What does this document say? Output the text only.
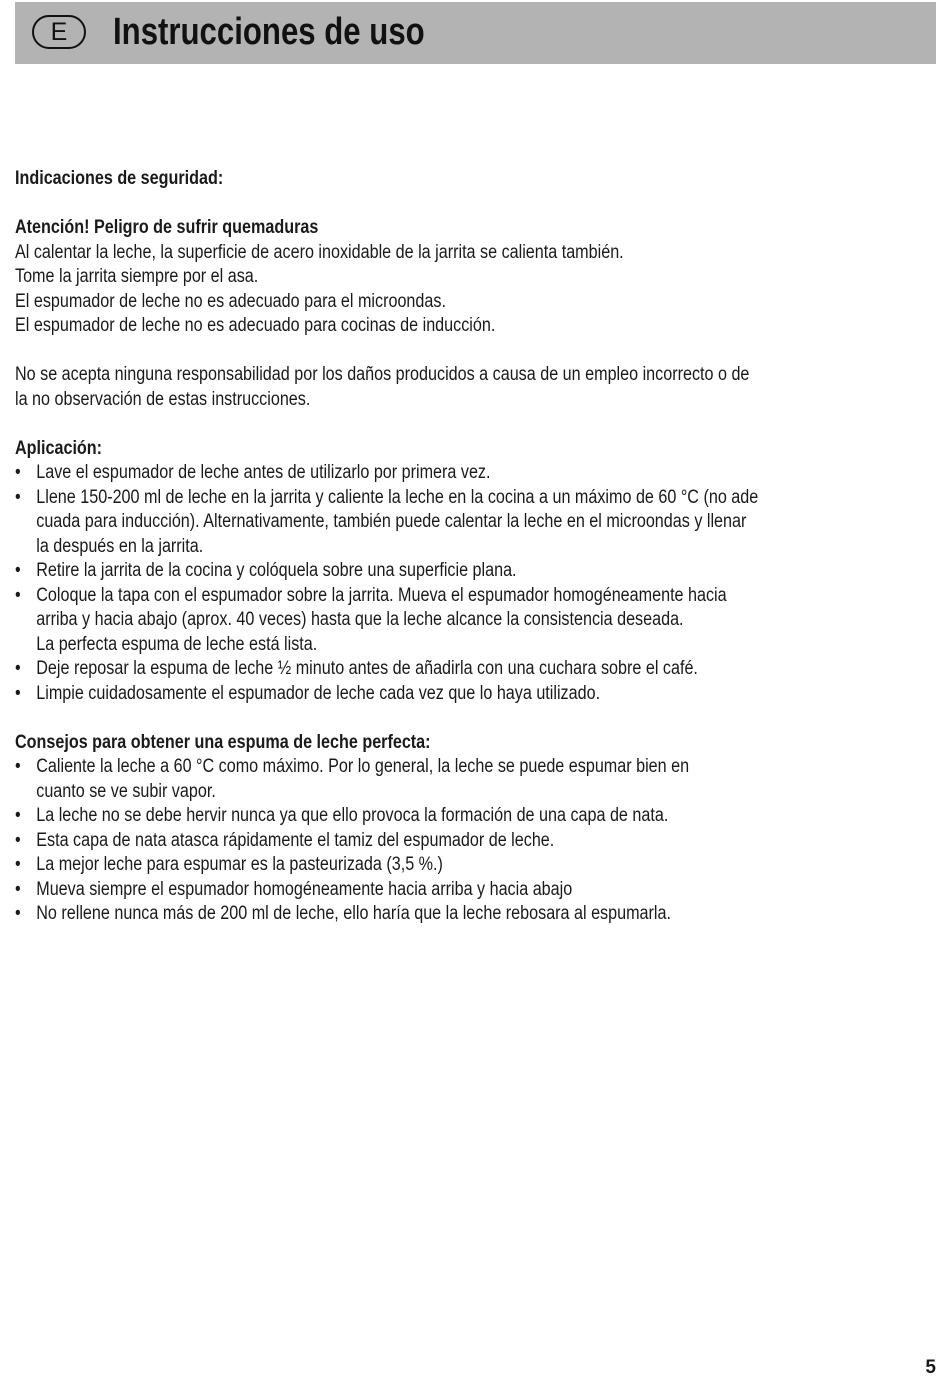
E	Instrucciones de uso

Indicaciones de seguridad:

Atención! Peligro de sufrir quemaduras

Al calentar la leche, la superficie de acero inoxidable de la jarrita se calienta también.

Tome la jarrita siempre por el asa.

El espumador de leche no es adecuado para el microondas.

El espumador de leche no es adecuado para cocinas de inducción.

No se acepta ninguna responsabilidad por los daños producidos a causa de un empleo incorrecto o de

la no observación de estas instrucciones.

Aplicación:

• Lave el espumador de leche antes de utilizarlo por primera vez.
• Llene 150-200 ml de leche en la jarrita y caliente la leche en la cocina a un máximo de 60 °C (no ade
cuada para inducción). Alternativamente, también puede calentar la leche en el microondas y llenar
la después en la jarrita.
• Retire la jarrita de la cocina y colóquela sobre una superficie plana.
• Coloque la tapa con el espumador sobre la jarrita. Mueva el espumador homogéneamente hacia
arriba y hacia abajo (aprox. 40 veces) hasta que la leche alcance la consistencia deseada.
La perfecta espuma de leche está lista.
• Deje reposar la espuma de leche ½ minuto antes de añadirla con una cuchara sobre el café.
• Limpie cuidadosamente el espumador de leche cada vez que lo haya utilizado.

Consejos para obtener una espuma de leche perfecta:

• Caliente la leche a 60 °C como máximo. Por lo general, la leche se puede espumar bien en
cuanto se ve subir vapor.
• La leche no se debe hervir nunca ya que ello provoca la formación de una capa de nata.
• Esta capa de nata atasca rápidamente el tamiz del espumador de leche.
• La mejor leche para espumar es la pasteurizada (3,5 %.)
• Mueva siempre el espumador homogéneamente hacia arriba y hacia abajo
• No rellene nunca más de 200 ml de leche, ello haría que la leche rebosara al espumarla.
5
